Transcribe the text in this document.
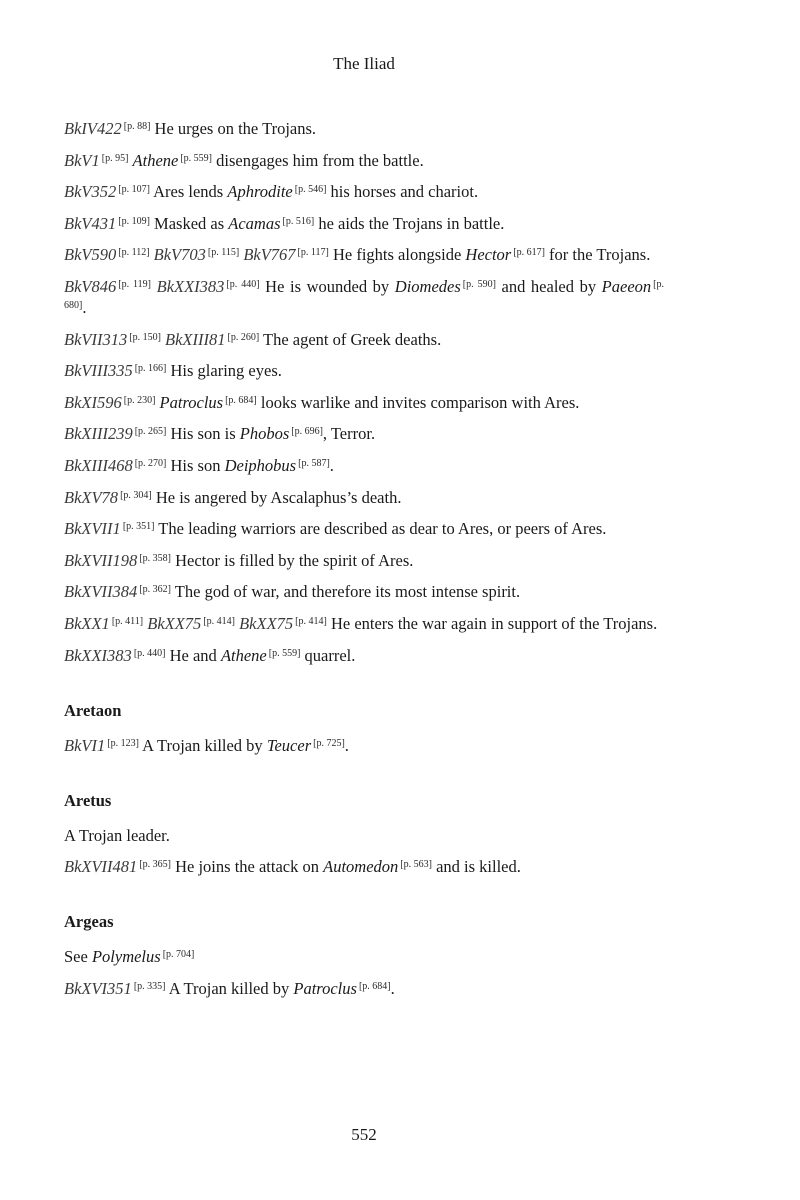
The Iliad

BkIV422 [p. 88] He urges on the Trojans.

BkV1 [p. 95] Athene [p. 559] disengages him from the battle.

BkV352 [p. 107] Ares lends Aphrodite [p. 546] his horses and chariot.

BkV431 [p. 109] Masked as Acamas [p. 516] he aids the Trojans in battle.

BkV590 [p. 112] BkV703 [p. 115] BkV767 [p. 117] He fights alongside Hector [p. 617] for the Trojans.

BkV846 [p. 119] BkXXI383 [p. 440] He is wounded by Diomedes [p. 590] and healed by Paeeon [p. 680].

BkVII313 [p. 150] BkXIII81 [p. 260] The agent of Greek deaths.

BkVIII335 [p. 166] His glaring eyes.

BkXI596 [p. 230] Patroclus [p. 684] looks warlike and invites comparison with Ares.

BkXIII239 [p. 265] His son is Phobos [p. 696], Terror.

BkXIII468 [p. 270] His son Deiphobus [p. 587].

BkXV78 [p. 304] He is angered by Ascalaphus’s death.

BkXVII1 [p. 351] The leading warriors are described as dear to Ares, or peers of Ares.

BkXVII198 [p. 358] Hector is filled by the spirit of Ares.

BkXVII384 [p. 362] The god of war, and therefore its most intense spirit.

BkXX1 [p. 411] BkXX75 [p. 414] BkXX75 [p. 414] He enters the war again in support of the Trojans.

BkXXI383 [p. 440] He and Athene [p. 559] quarrel.

Aretaon

BkVI1 [p. 123] A Trojan killed by Teucer [p. 725].

Aretus

A Trojan leader.

BkXVII481 [p. 365] He joins the attack on Automedon [p. 563] and is killed.

Argeas

See Polymelus [p. 704]

BkXVI351 [p. 335] A Trojan killed by Patroclus [p. 684].

552
